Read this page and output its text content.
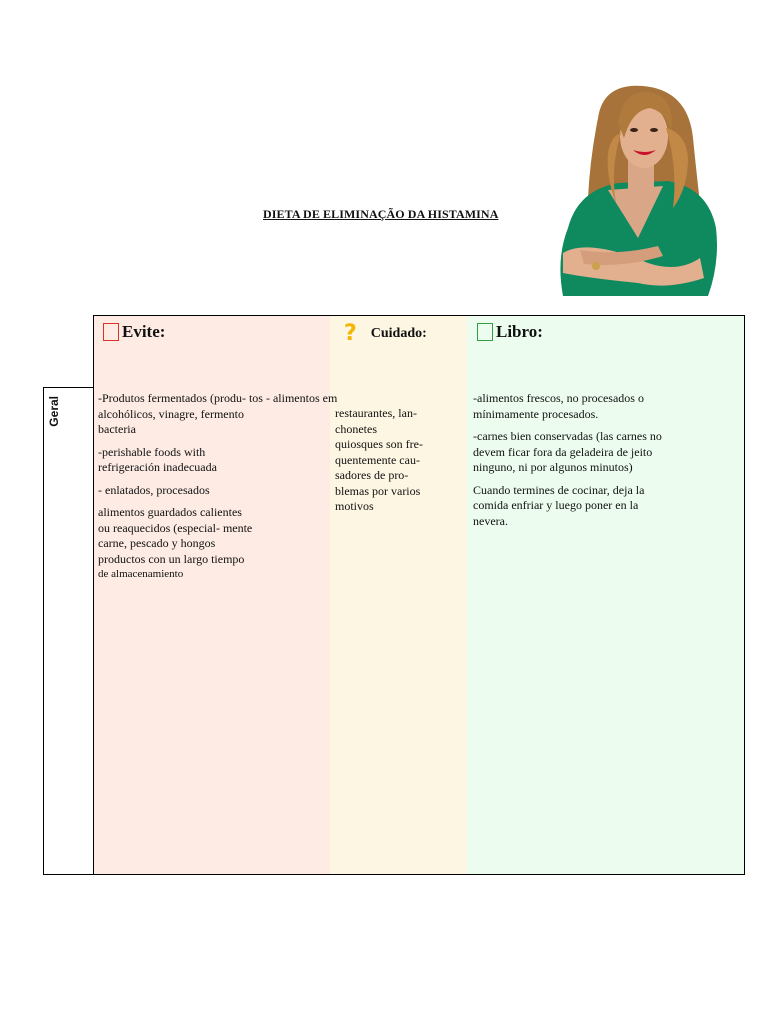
DIETA DE ELIMINAÇÃO DA HISTAMINA
Geral
Evite:	? Cuidado:	Libro:
-Produtos fermentados (produ- tos - alimentos em
alcohólicos, vinagre, fermento
bacteria
-perishable foods with
refrigeración inadecuada
- enlatados, procesados
alimentos guardados calientes
ou reaquecidos (especial- mente
carne, pescado y hongos
productos con un largo tiempo
de almacenamiento
restaurantes, lan-
chonetes
quiosques son fre-
quentemente cau-
sadores de pro-
blemas por varios
motivos
-alimentos frescos, no procesados o
mínimamente procesados.
-carnes bien conservadas (las carnes no
devem ficar fora da geladeira de jeito
ninguno, ni por algunos minutos)
Cuando termines de cocinar, deja la
comida enfriar y luego poner en la
nevera.
